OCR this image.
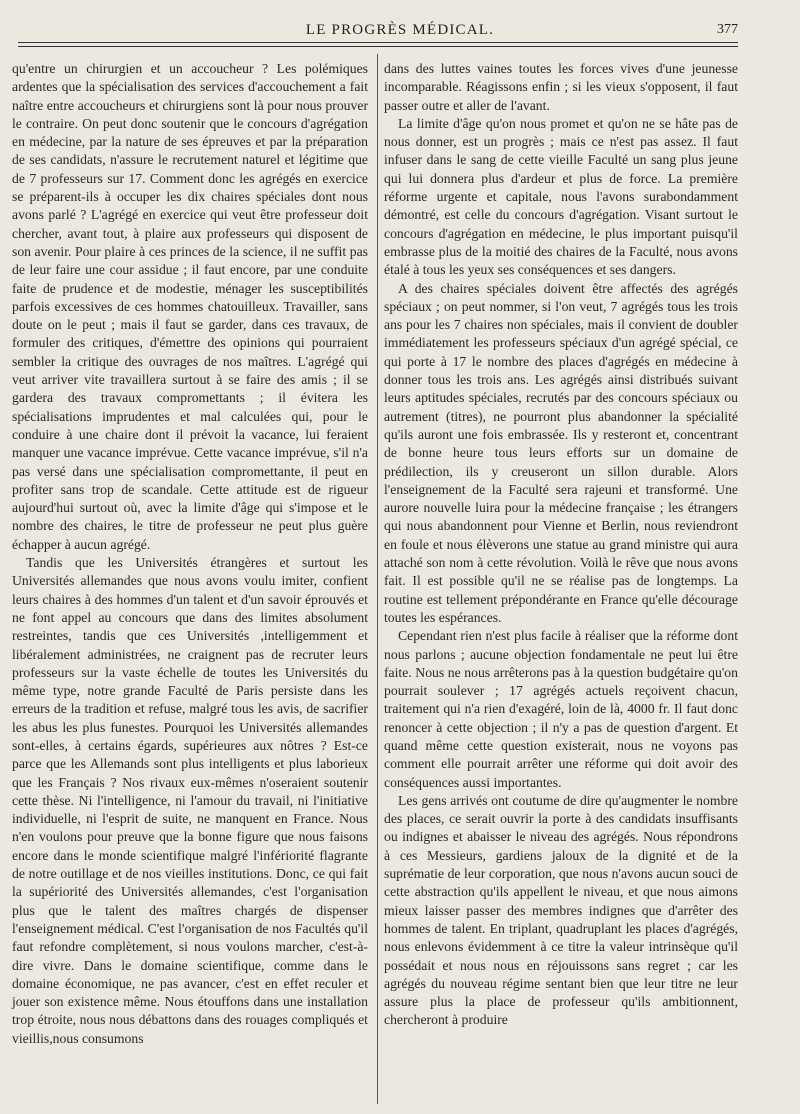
LE PROGRÈS MÉDICAL.	377

qu'entre un chirurgien et un accoucheur ? Les polémiques ardentes que la spécialisation des services d'accouchement a fait naître entre accoucheurs et chirurgiens sont là pour nous prouver le contraire. On peut donc soutenir que le concours d'agrégation en médecine, par la nature de ses épreuves et par la préparation de ses candidats, n'assure le recrutement naturel et légitime que de 7 professeurs sur 17. Comment donc les agrégés en exercice se préparent-ils à occuper les dix chaires spéciales dont nous avons parlé ? L'agrégé en exercice qui veut être professeur doit chercher, avant tout, à plaire aux professeurs qui disposent de son avenir. Pour plaire à ces princes de la science, il ne suffit pas de leur faire une cour assidue ; il faut encore, par une conduite faite de prudence et de modestie, ménager les susceptibilités parfois excessives de ces hommes chatouilleux. Travailler, sans doute on le peut ; mais il faut se garder, dans ces travaux, de formuler des critiques, d'émettre des opinions qui pourraient sembler la critique des ouvrages de nos maîtres. L'agrégé qui veut arriver vite travaillera surtout à se faire des amis ; il se gardera des travaux compromettants ; il évitera les spécialisations imprudentes et mal calculées qui, pour le conduire à une chaire dont il prévoit la vacance, lui feraient manquer une vacance imprévue. Cette vacance imprévue, s'il n'a pas versé dans une spécialisation compromettante, il peut en profiter sans trop de scandale. Cette attitude est de rigueur aujourd'hui surtout où, avec la limite d'âge qui s'impose et le nombre des chaires, le titre de professeur ne peut plus guère échapper à aucun agrégé.

Tandis que les Universités étrangères et surtout les Universités allemandes que nous avons voulu imiter, confient leurs chaires à des hommes d'un talent et d'un savoir éprouvés et ne font appel au concours que dans des limites absolument restreintes, tandis que ces Universités ,intelligemment et libéralement administrées, ne craignent pas de recruter leurs professeurs sur la vaste échelle de toutes les Universités du même type, notre grande Faculté de Paris persiste dans les erreurs de la tradition et refuse, malgré tous les avis, de sacrifier les abus les plus funestes. Pourquoi les Universités allemandes sont-elles, à certains égards, supérieures aux nôtres ? Est-ce parce que les Allemands sont plus intelligents et plus laborieux que les Français ? Nos rivaux eux-mêmes n'oseraient soutenir cette thèse. Ni l'intelligence, ni l'amour du travail, ni l'initiative individuelle, ni l'esprit de suite, ne manquent en France. Nous n'en voulons pour preuve que la bonne figure que nous faisons encore dans le monde scientifique malgré l'infériorité flagrante de notre outillage et de nos vieilles institutions. Donc, ce qui fait la supériorité des Universités allemandes, c'est l'organisation plus que le talent des maîtres chargés de dispenser l'enseignement médical. C'est l'organisation de nos Facultés qu'il faut refondre complètement, si nous voulons marcher, c'est-à-dire vivre. Dans le domaine scientifique, comme dans le domaine économique, ne pas avancer, c'est en effet reculer et jouer son existence même. Nous étouffons dans une installation trop étroite, nous nous débattons dans des rouages compliqués et vieillis,nous consumons

dans des luttes vaines toutes les forces vives d'une jeunesse incomparable. Réagissons enfin ; si les vieux s'opposent, il faut passer outre et aller de l'avant.

La limite d'âge qu'on nous promet et qu'on ne se hâte pas de nous donner, est un progrès ; mais ce n'est pas assez. Il faut infuser dans le sang de cette vieille Faculté un sang plus jeune qui lui donnera plus d'ardeur et plus de force. La première réforme urgente et capitale, nous l'avons surabondamment démontré, est celle du concours d'agrégation. Visant surtout le concours d'agrégation en médecine, le plus important puisqu'il embrasse plus de la moitié des chaires de la Faculté, nous avons étalé à tous les yeux ses conséquences et ses dangers.

A des chaires spéciales doivent être affectés des agrégés spéciaux ; on peut nommer, si l'on veut, 7 agrégés tous les trois ans pour les 7 chaires non spéciales, mais il convient de doubler immédiatement les professeurs spéciaux d'un agrégé spécial, ce qui porte à 17 le nombre des places d'agrégés en médecine à donner tous les trois ans. Les agrégés ainsi distribués suivant leurs aptitudes spéciales, recrutés par des concours spéciaux ou autrement (titres), ne pourront plus abandonner la spécialité qu'ils auront une fois embrassée. Ils y resteront et, concentrant de bonne heure tous leurs efforts sur un domaine de prédilection, ils y creuseront un sillon durable. Alors l'enseignement de la Faculté sera rajeuni et transformé. Une aurore nouvelle luira pour la médecine française ; les étrangers qui nous abandonnent pour Vienne et Berlin, nous reviendront en foule et nous élèverons une statue au grand ministre qui aura attaché son nom à cette révolution. Voilà le rêve que nous avons fait. Il est possible qu'il ne se réalise pas de longtemps. La routine est tellement prépondérante en France qu'elle décourage toutes les espérances.

Cependant rien n'est plus facile à réaliser que la réforme dont nous parlons ; aucune objection fondamentale ne peut lui être faite. Nous ne nous arrêterons pas à la question budgétaire qu'on pourrait soulever ; 17 agrégés actuels reçoivent chacun, traitement qui n'a rien d'exagéré, loin de là, 4000 fr. Il faut donc renoncer à cette objection ; il n'y a pas de question d'argent. Et quand même cette question existerait, nous ne voyons pas comment elle pourrait arrêter une réforme qui doit avoir des conséquences aussi importantes.

Les gens arrivés ont coutume de dire qu'augmenter le nombre des places, ce serait ouvrir la porte à des candidats insuffisants ou indignes et abaisser le niveau des agrégés. Nous répondrons à ces Messieurs, gardiens jaloux de la dignité et de la suprématie de leur corporation, que nous n'avons aucun souci de cette abstraction qu'ils appellent le niveau, et que nous aimons mieux laisser passer des membres indignes que d'arrêter des hommes de talent. En triplant, quadruplant les places d'agrégés, nous enlevons évidemment à ce titre la valeur intrinsèque qu'il possédait et nous nous en réjouissons sans regret ; car les agrégés du nouveau régime sentant bien que leur titre ne leur assure plus la place de professeur qu'ils ambitionnent, chercheront à produire
